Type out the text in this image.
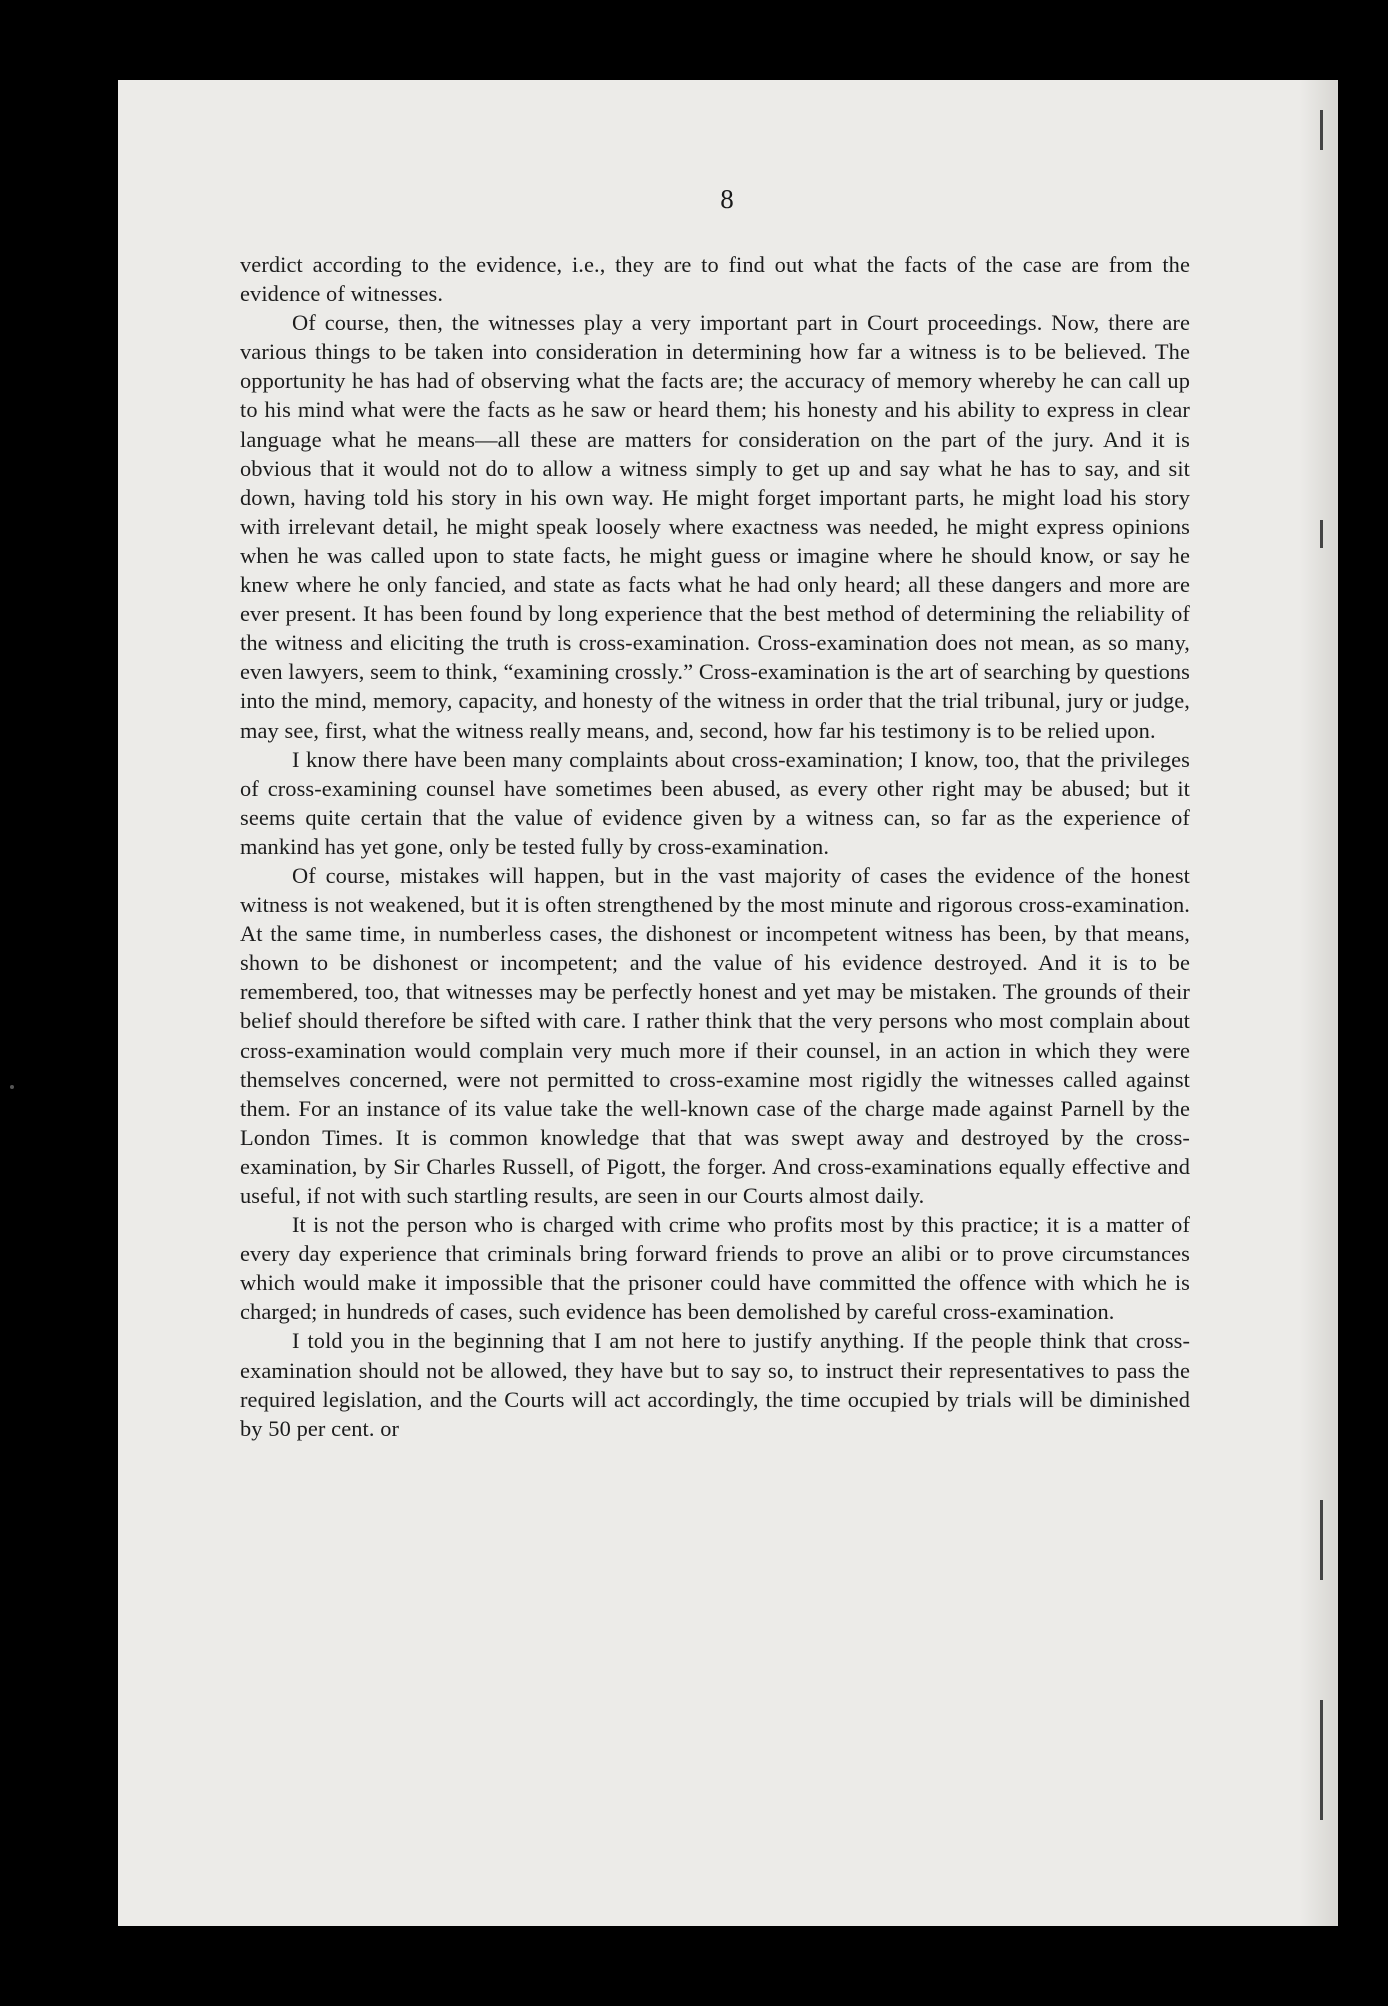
8

verdict according to the evidence, i.e., they are to find out what the facts of the case are from the evidence of witnesses.

Of course, then, the witnesses play a very important part in Court proceedings. Now, there are various things to be taken into consideration in determining how far a witness is to be believed. The opportunity he has had of observing what the facts are; the accuracy of memory whereby he can call up to his mind what were the facts as he saw or heard them; his honesty and his ability to express in clear language what he means—all these are matters for consideration on the part of the jury. And it is obvious that it would not do to allow a witness simply to get up and say what he has to say, and sit down, having told his story in his own way. He might forget important parts, he might load his story with irrelevant detail, he might speak loosely where exactness was needed, he might express opinions when he was called upon to state facts, he might guess or imagine where he should know, or say he knew where he only fancied, and state as facts what he had only heard; all these dangers and more are ever present. It has been found by long experience that the best method of determining the reliability of the witness and eliciting the truth is cross-examination. Cross-examination does not mean, as so many, even lawyers, seem to think, “examining crossly.” Cross-examination is the art of searching by questions into the mind, memory, capacity, and honesty of the witness in order that the trial tribunal, jury or judge, may see, first, what the witness really means, and, second, how far his testimony is to be relied upon.

I know there have been many complaints about cross-examination; I know, too, that the privileges of cross-examining counsel have sometimes been abused, as every other right may be abused; but it seems quite certain that the value of evidence given by a witness can, so far as the experience of mankind has yet gone, only be tested fully by cross-examination.

Of course, mistakes will happen, but in the vast majority of cases the evidence of the honest witness is not weakened, but it is often strengthened by the most minute and rigorous cross-examination. At the same time, in numberless cases, the dishonest or incompetent witness has been, by that means, shown to be dishonest or incompetent; and the value of his evidence destroyed. And it is to be remembered, too, that witnesses may be perfectly honest and yet may be mistaken. The grounds of their belief should therefore be sifted with care. I rather think that the very persons who most complain about cross-examination would complain very much more if their counsel, in an action in which they were themselves concerned, were not permitted to cross-examine most rigidly the witnesses called against them. For an instance of its value take the well-known case of the charge made against Parnell by the London Times. It is common knowledge that that was swept away and destroyed by the cross-examination, by Sir Charles Russell, of Pigott, the forger. And cross-examinations equally effective and useful, if not with such startling results, are seen in our Courts almost daily.

It is not the person who is charged with crime who profits most by this practice; it is a matter of every day experience that criminals bring forward friends to prove an alibi or to prove circumstances which would make it impossible that the prisoner could have committed the offence with which he is charged; in hundreds of cases, such evidence has been demolished by careful cross-examination.

I told you in the beginning that I am not here to justify anything. If the people think that cross-examination should not be allowed, they have but to say so, to instruct their representatives to pass the required legislation, and the Courts will act accordingly, the time occupied by trials will be diminished by 50 per cent. or
